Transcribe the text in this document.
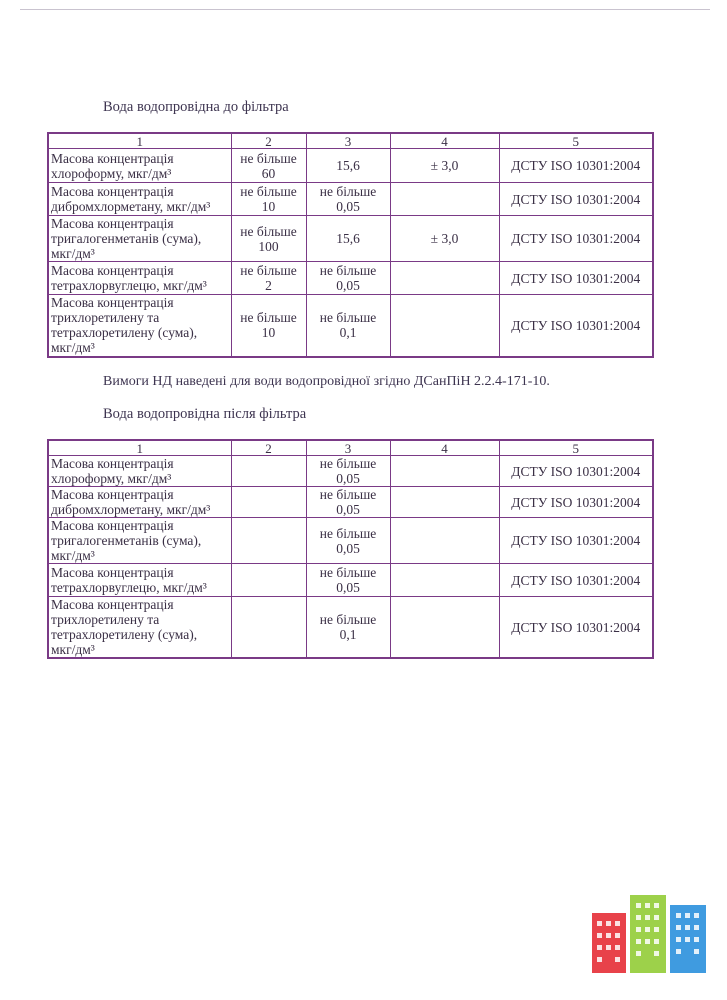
Вода водопровідна до фільтра
1	2	3	4	5
Масова концентрація
хлороформу, мкг/дм³	не більше
60	15,6	± 3,0	ДСТУ ISO 10301:2004
Масова концентрація
дибромхлорметану, мкг/дм³	не більше
10	не більше
0,05		ДСТУ ISO 10301:2004
Масова концентрація
тригалогенметанів (сума),
мкг/дм³	не більше
100	15,6	± 3,0	ДСТУ ISO 10301:2004
Масова концентрація
тетрахлорвуглецю, мкг/дм³	не більше
2	не більше
0,05		ДСТУ ISO 10301:2004
Масова концентрація
трихлоретилену та
тетрахлоретилену (сума),
мкг/дм³	не більше
10	не більше
0,1		ДСТУ ISO 10301:2004
Вимоги НД наведені для води водопровідної згідно ДСанПіН 2.2.4-171-10.
Вода водопровідна після фільтра
1	2	3	4	5
Масова концентрація
хлороформу, мкг/дм³		не більше
0,05		ДСТУ ISO 10301:2004
Масова концентрація
дибромхлорметану, мкг/дм³		не більше
0,05		ДСТУ ISO 10301:2004
Масова концентрація
тригалогенметанів (сума),
мкг/дм³		не більше
0,05		ДСТУ ISO 10301:2004
Масова концентрація
тетрахлорвуглецю, мкг/дм³		не більше
0,05		ДСТУ ISO 10301:2004
Масова концентрація
трихлоретилену та
тетрахлоретилену (сума),
мкг/дм³		не більше
0,1		ДСТУ ISO 10301:2004
